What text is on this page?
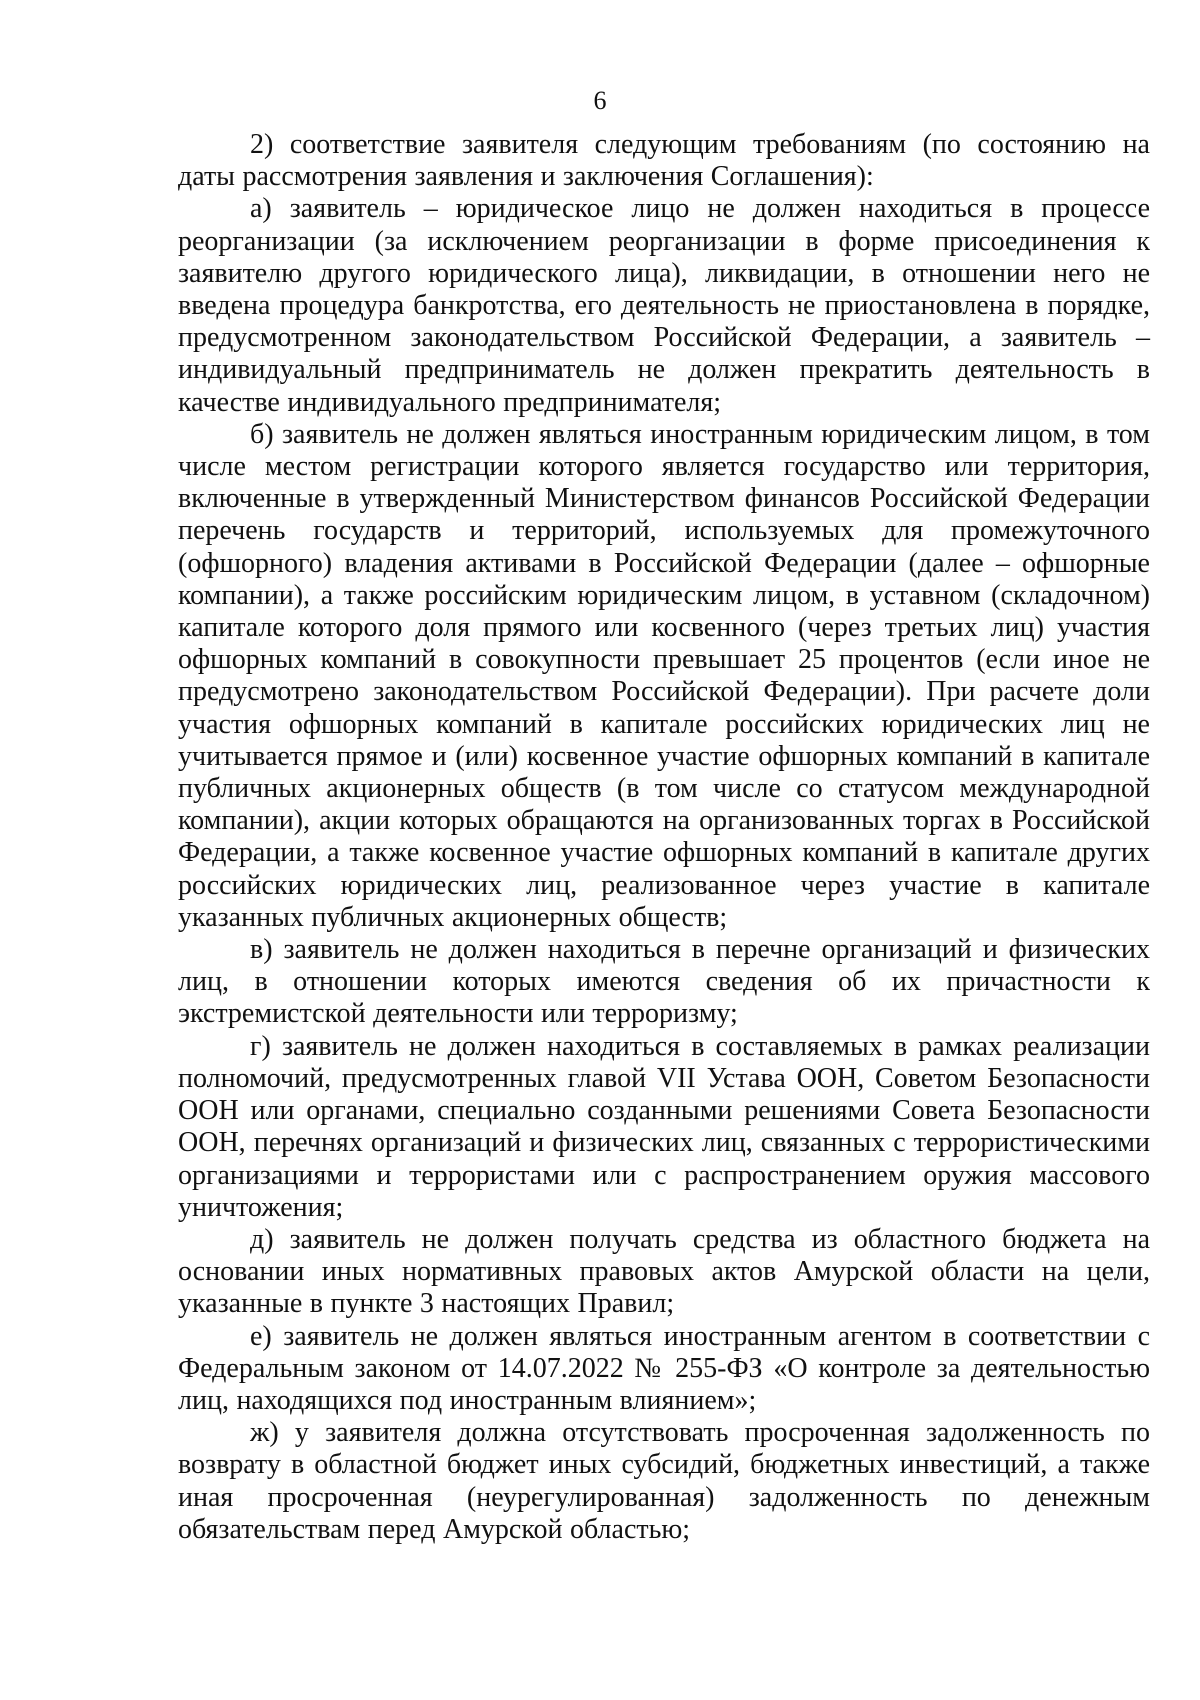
6

2) соответствие заявителя следующим требованиям (по состоянию на даты рассмотрения заявления и заключения Соглашения):

а) заявитель – юридическое лицо не должен находиться в процессе реорганизации (за исключением реорганизации в форме присоединения к заявителю другого юридического лица), ликвидации, в отношении него не введена процедура банкротства, его деятельность не приостановлена в порядке, предусмотренном законодательством Российской Федерации, а заявитель – индивидуальный предприниматель не должен прекратить деятельность в качестве индивидуального предпринимателя;

б) заявитель не должен являться иностранным юридическим лицом, в том числе местом регистрации которого является государство или территория, включенные в утвержденный Министерством финансов Российской Федерации перечень государств и территорий, используемых для промежуточного (офшорного) владения активами в Российской Федерации (далее – офшорные компании), а также российским юридическим лицом, в уставном (складочном) капитале которого доля прямого или косвенного (через третьих лиц) участия офшорных компаний в совокупности превышает 25 процентов (если иное не предусмотрено законодательством Российской Федерации). При расчете доли участия офшорных компаний в капитале российских юридических лиц не учитывается прямое и (или) косвенное участие офшорных компаний в капитале публичных акционерных обществ (в том числе со статусом международной компании), акции которых обращаются на организованных торгах в Российской Федерации, а также косвенное участие офшорных компаний в капитале других российских юридических лиц, реализованное через участие в капитале указанных публичных акционерных обществ;

в) заявитель не должен находиться в перечне организаций и физических лиц, в отношении которых имеются сведения об их причастности к экстремистской деятельности или терроризму;

г) заявитель не должен находиться в составляемых в рамках реализации полномочий, предусмотренных главой VII Устава ООН, Советом Безопасности ООН или органами, специально созданными решениями Совета Безопасности ООН, перечнях организаций и физических лиц, связанных с террористическими организациями и террористами или с распространением оружия массового уничтожения;

д) заявитель не должен получать средства из областного бюджета на основании иных нормативных правовых актов Амурской области на цели, указанные в пункте 3 настоящих Правил;

е) заявитель не должен являться иностранным агентом в соответствии с Федеральным законом от 14.07.2022 № 255-ФЗ «О контроле за деятельностью лиц, находящихся под иностранным влиянием»;

ж) у заявителя должна отсутствовать просроченная задолженность по возврату в областной бюджет иных субсидий, бюджетных инвестиций, а также иная просроченная (неурегулированная) задолженность по денежным обязательствам перед Амурской областью;
